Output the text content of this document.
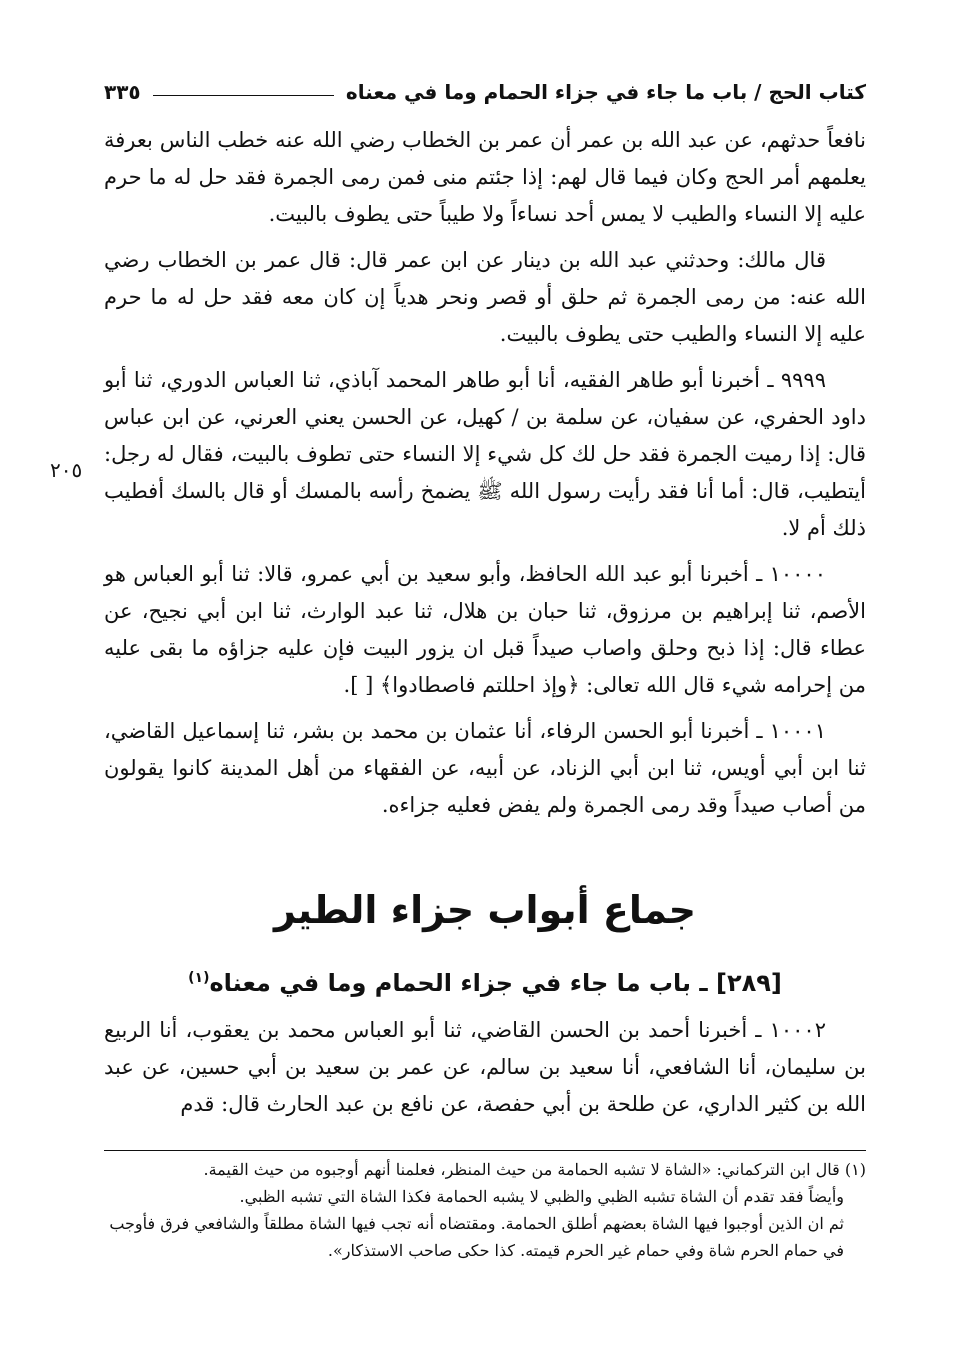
كتاب الحج / باب ما جاء في جزاء الحمام وما في معناه
٣٣٥
٢٠٥

نافعاً حدثهم، عن عبد الله بن عمر أن عمر بن الخطاب رضي الله عنه خطب الناس بعرفة يعلمهم أمر الحج وكان فيما قال لهم: إذا جئتم منى فمن رمى الجمرة فقد حل له ما حرم عليه إلا النساء والطيب لا يمس أحد نساءاً ولا طيباً حتى يطوف بالبيت.

قال مالك: وحدثني عبد الله بن دينار عن ابن عمر قال: قال عمر بن الخطاب رضي الله عنه: من رمى الجمرة ثم حلق أو قصر ونحر هدياً إن كان معه فقد حل له ما حرم عليه إلا النساء والطيب حتى يطوف بالبيت.

٩٩٩٩ ـ أخبرنا أبو طاهر الفقيه، أنا أبو طاهر المحمد آباذي، ثنا العباس الدوري، ثنا أبو داود الحفري، عن سفيان، عن سلمة بن / كهيل، عن الحسن يعني العرني، عن ابن عباس قال: إذا رميت الجمرة فقد حل لك كل شيء إلا النساء حتى تطوف بالبيت، فقال له رجل: أيتطيب، قال: أما أنا فقد رأيت رسول الله ﷺ يضمخ رأسه بالمسك أو قال بالسك أفطيب ذلك أم لا.

١٠٠٠٠ ـ أخبرنا أبو عبد الله الحافظ، وأبو سعيد بن أبي عمرو، قالا: ثنا أبو العباس هو الأصم، ثنا إبراهيم بن مرزوق، ثنا حبان بن هلال، ثنا عبد الوارث، ثنا ابن أبي نجيح، عن عطاء قال: إذا ذبح وحلق واصاب صيداً قبل ان يزور البيت فإن عليه جزاؤه ما بقى عليه من إحرامه شيء قال الله تعالى: ﴿وإذ احللتم فاصطادوا﴾ [ ].

١٠٠٠١ ـ أخبرنا أبو الحسن الرفاء، أنا عثمان بن محمد بن بشر، ثنا إسماعيل القاضي، ثنا ابن أبي أويس، ثنا ابن أبي الزناد، عن أبيه، عن الفقهاء من أهل المدينة كانوا يقولون من أصاب صيداً وقد رمى الجمرة ولم يفض فعليه جزاءه.

جماع أبواب جزاء الطير
[٢٨٩] ـ باب ما جاء في جزاء الحمام وما في معناه$^{(١)}$

١٠٠٠٢ ـ أخبرنا أحمد بن الحسن القاضي، ثنا أبو العباس محمد بن يعقوب، أنا الربيع بن سليمان، أنا الشافعي، أنا سعيد بن سالم، عن عمر بن سعيد بن أبي حسين، عن عبد الله بن كثير الداري، عن طلحة بن أبي حفصة، عن نافع بن عبد الحارث قال: قدم

(١) قال ابن التركماني: «الشاة لا تشبه الحمامة من حيث المنظر، فعلمنا أنهم أوجبوه من حيث القيمة.

وأيضاً فقد تقدم أن الشاة تشبه الظبي والظبي لا يشبه الحمامة فكذا الشاة التي تشبه الظبي.

ثم ان الذين أوجبوا فيها الشاة بعضهم أطلق الحمامة. ومقتضاه أنه تجب فيها الشاة مطلقاً والشافعي فرق فأوجب في حمام الحرم شاة وفي حمام غير الحرم قيمته. كذا حكى صاحب الاستذكار».
